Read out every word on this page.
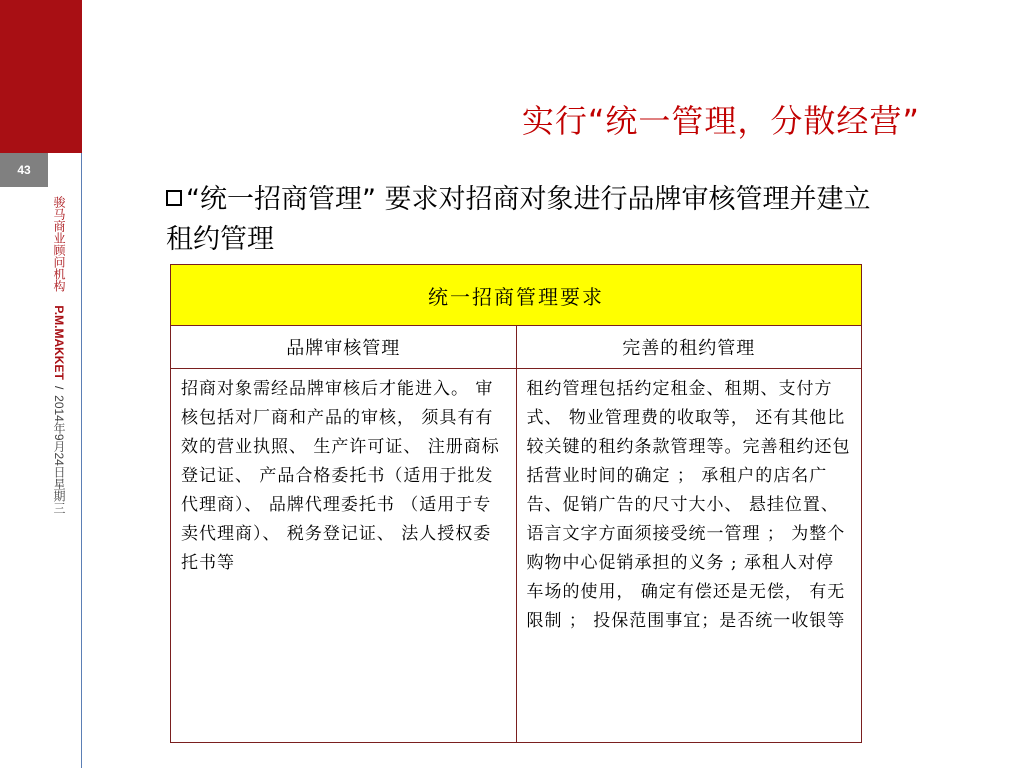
43
骏马商业顾问机构 P.M.MAKKET/2014年9月24日星期三
实行“统一管理，分散经营”
“统一招商管理” 要求对招商对象进行品牌审核管理并建立租约管理
统一招商管理要求	
品牌审核管理	完善的租约管理
招商对象需经品牌审核后才能进入。 审核包括对厂商和产品的审核， 须具有有效的营业执照、 生产许可证、 注册商标登记证、 产品合格委托书（适用于批发代理商）、 品牌代理委托书 （适用于专卖代理商）、 税务登记证、 法人授权委托书等	租约管理包括约定租金、租期、支付方式、 物业管理费的收取等， 还有其他比较关键的租约条款管理等。完善租约还包括营业时间的确定 ； 承租户的店名广告、促销广告的尺寸大小、 悬挂位置、 语言文字方面须接受统一管理 ； 为整个购物中心促销承担的义务 ; 承租人对停车场的使用， 确定有偿还是无偿， 有无限制 ； 投保范围事宜；是否统一收银等
